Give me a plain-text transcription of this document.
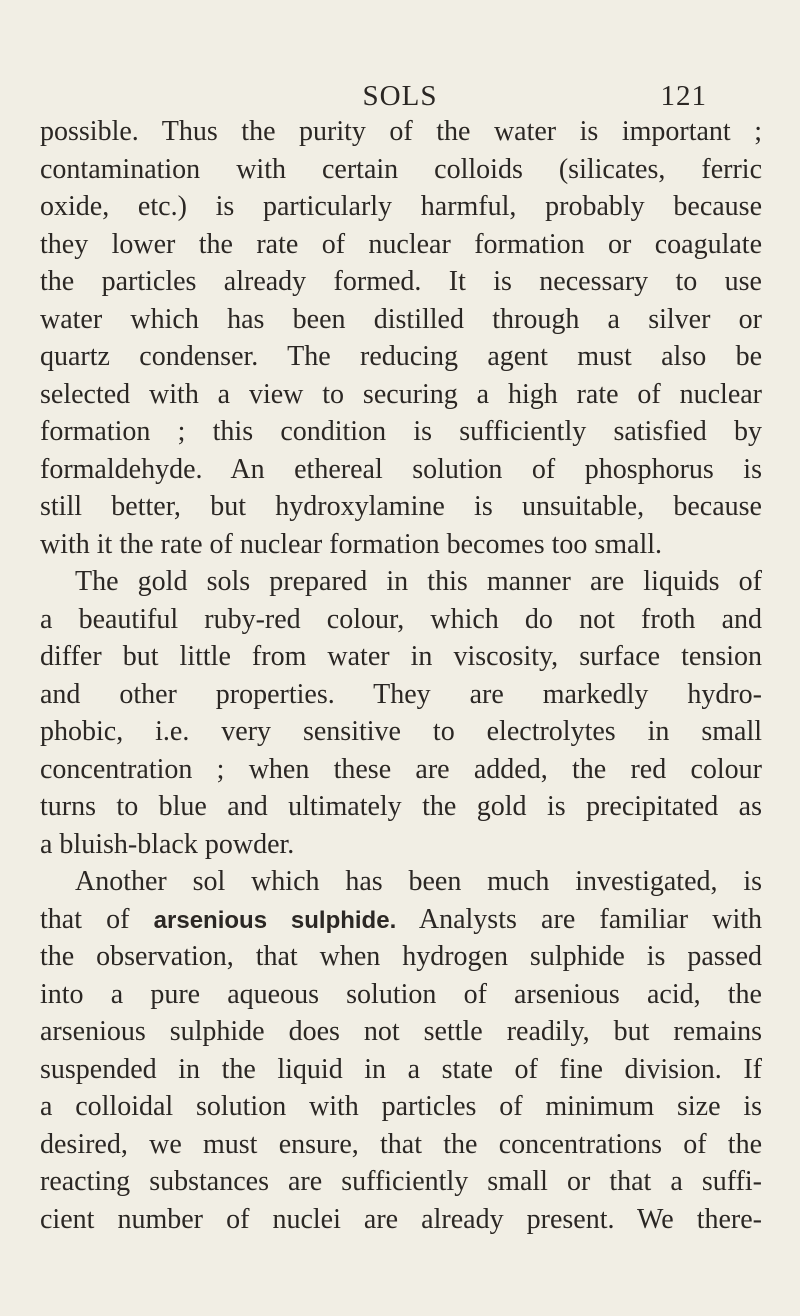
SOLS	121
possible. Thus the purity of the water is important ;
contamination with certain colloids (silicates, ferric
oxide, etc.) is particularly harmful, probably because
they lower the rate of nuclear formation or coagulate
the particles already formed. It is necessary to use
water which has been distilled through a silver or
quartz condenser. The reducing agent must also be
selected with a view to securing a high rate of nuclear
formation ; this condition is sufficiently satisfied by
formaldehyde. An ethereal solution of phosphorus is
still better, but hydroxylamine is unsuitable, because
with it the rate of nuclear formation becomes too small.
The gold sols prepared in this manner are liquids of
a beautiful ruby-red colour, which do not froth and
differ but little from water in viscosity, surface tension
and other properties. They are markedly hydro-
phobic, i.e. very sensitive to electrolytes in small
concentration ; when these are added, the red colour
turns to blue and ultimately the gold is precipitated as
a bluish-black powder.
Another sol which has been much investigated, is
that of arsenious sulphide. Analysts are familiar with
the observation, that when hydrogen sulphide is passed
into a pure aqueous solution of arsenious acid, the
arsenious sulphide does not settle readily, but remains
suspended in the liquid in a state of fine division. If
a colloidal solution with particles of minimum size is
desired, we must ensure, that the concentrations of the
reacting substances are sufficiently small or that a suffi-
cient number of nuclei are already present. We there-
